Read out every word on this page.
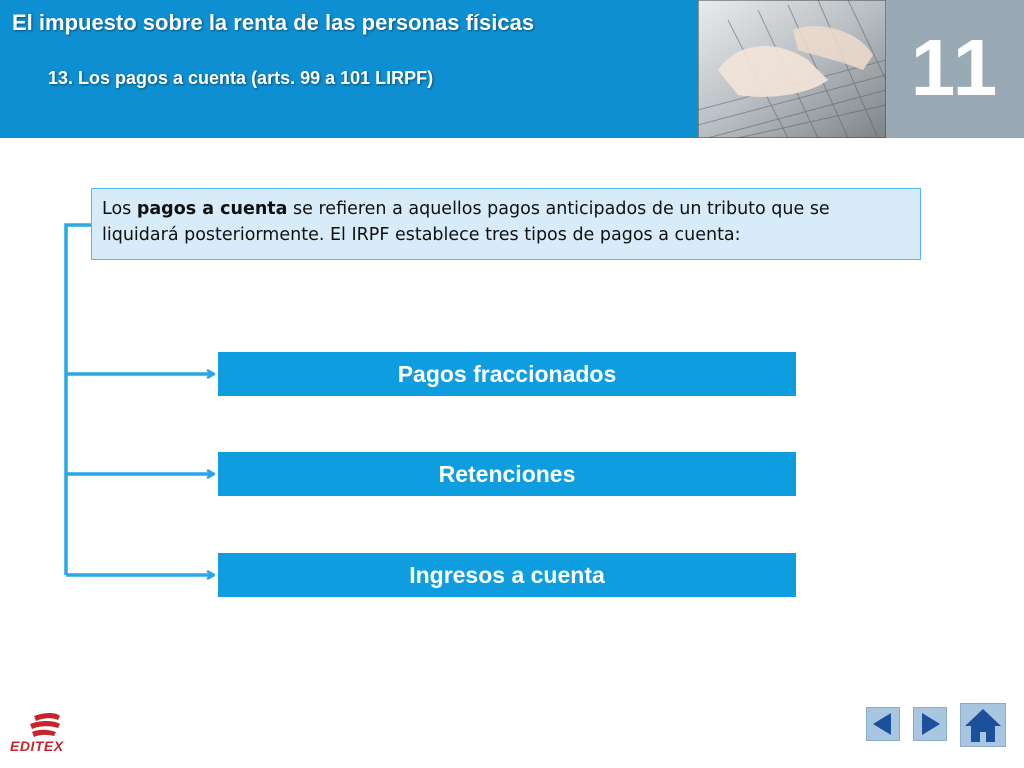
El impuesto sobre la renta de las personas físicas
13. Los pagos a cuenta (arts. 99 a 101 LIRPF)	11
Los pagos a cuenta se refieren a aquellos pagos anticipados de un tributo que se liquidará posteriormente. El IRPF establece tres tipos de pagos a cuenta:
Pagos fraccionados
Retenciones
Ingresos a cuenta
EDITEX
